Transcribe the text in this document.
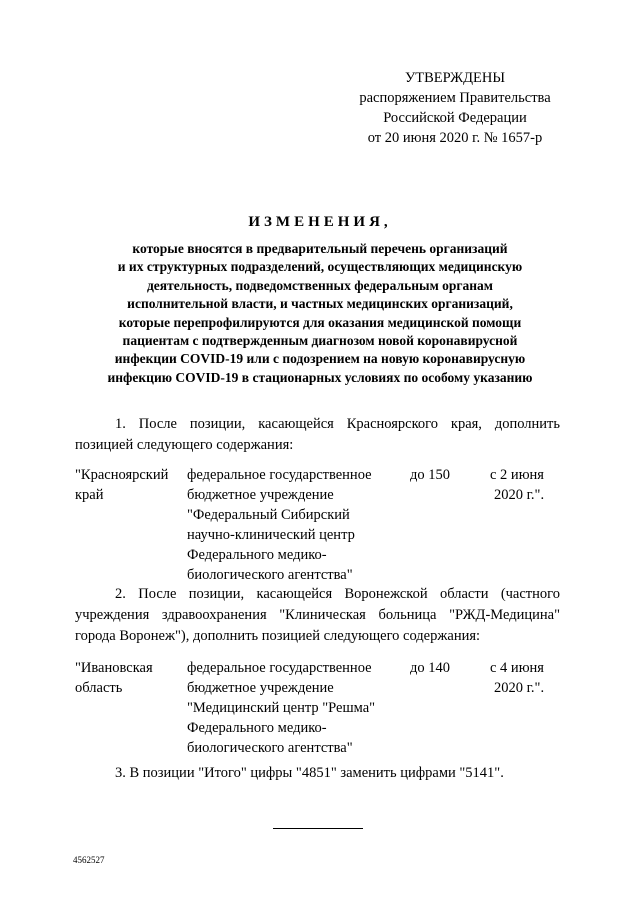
УТВЕРЖДЕНЫ
распоряжением Правительства
Российской Федерации
от 20 июня 2020 г. № 1657-р
ИЗМЕНЕНИЯ,
которые вносятся в предварительный перечень организаций
и их структурных подразделений, осуществляющих медицинскую
деятельность, подведомственных федеральным органам
исполнительной власти, и частных медицинских организаций,
которые перепрофилируются для оказания медицинской помощи
пациентам с подтвержденным диагнозом новой коронавирусной
инфекции COVID-19 или с подозрением на новую коронавирусную
инфекцию COVID-19 в стационарных условиях по особому указанию
1. После позиции, касающейся Красноярского края, дополнить
позицией следующего содержания:
"Красноярский
край
федеральное государственное
бюджетное учреждение
"Федеральный Сибирский
научно-клинический центр
Федерального медико-
биологического агентства"
до 150	с 2 июня
2020 г.".
2. После позиции, касающейся Воронежской области (частного
учреждения здравоохранения "Клиническая больница "РЖД-Медицина"
города Воронеж"), дополнить позицией следующего содержания:
"Ивановская
область
федеральное государственное
бюджетное учреждение
"Медицинский центр "Решма"
Федерального медико-
биологического агентства"
до 140	с 4 июня
2020 г.".
3. В позиции "Итого" цифры "4851" заменить цифрами "5141".
4562527
